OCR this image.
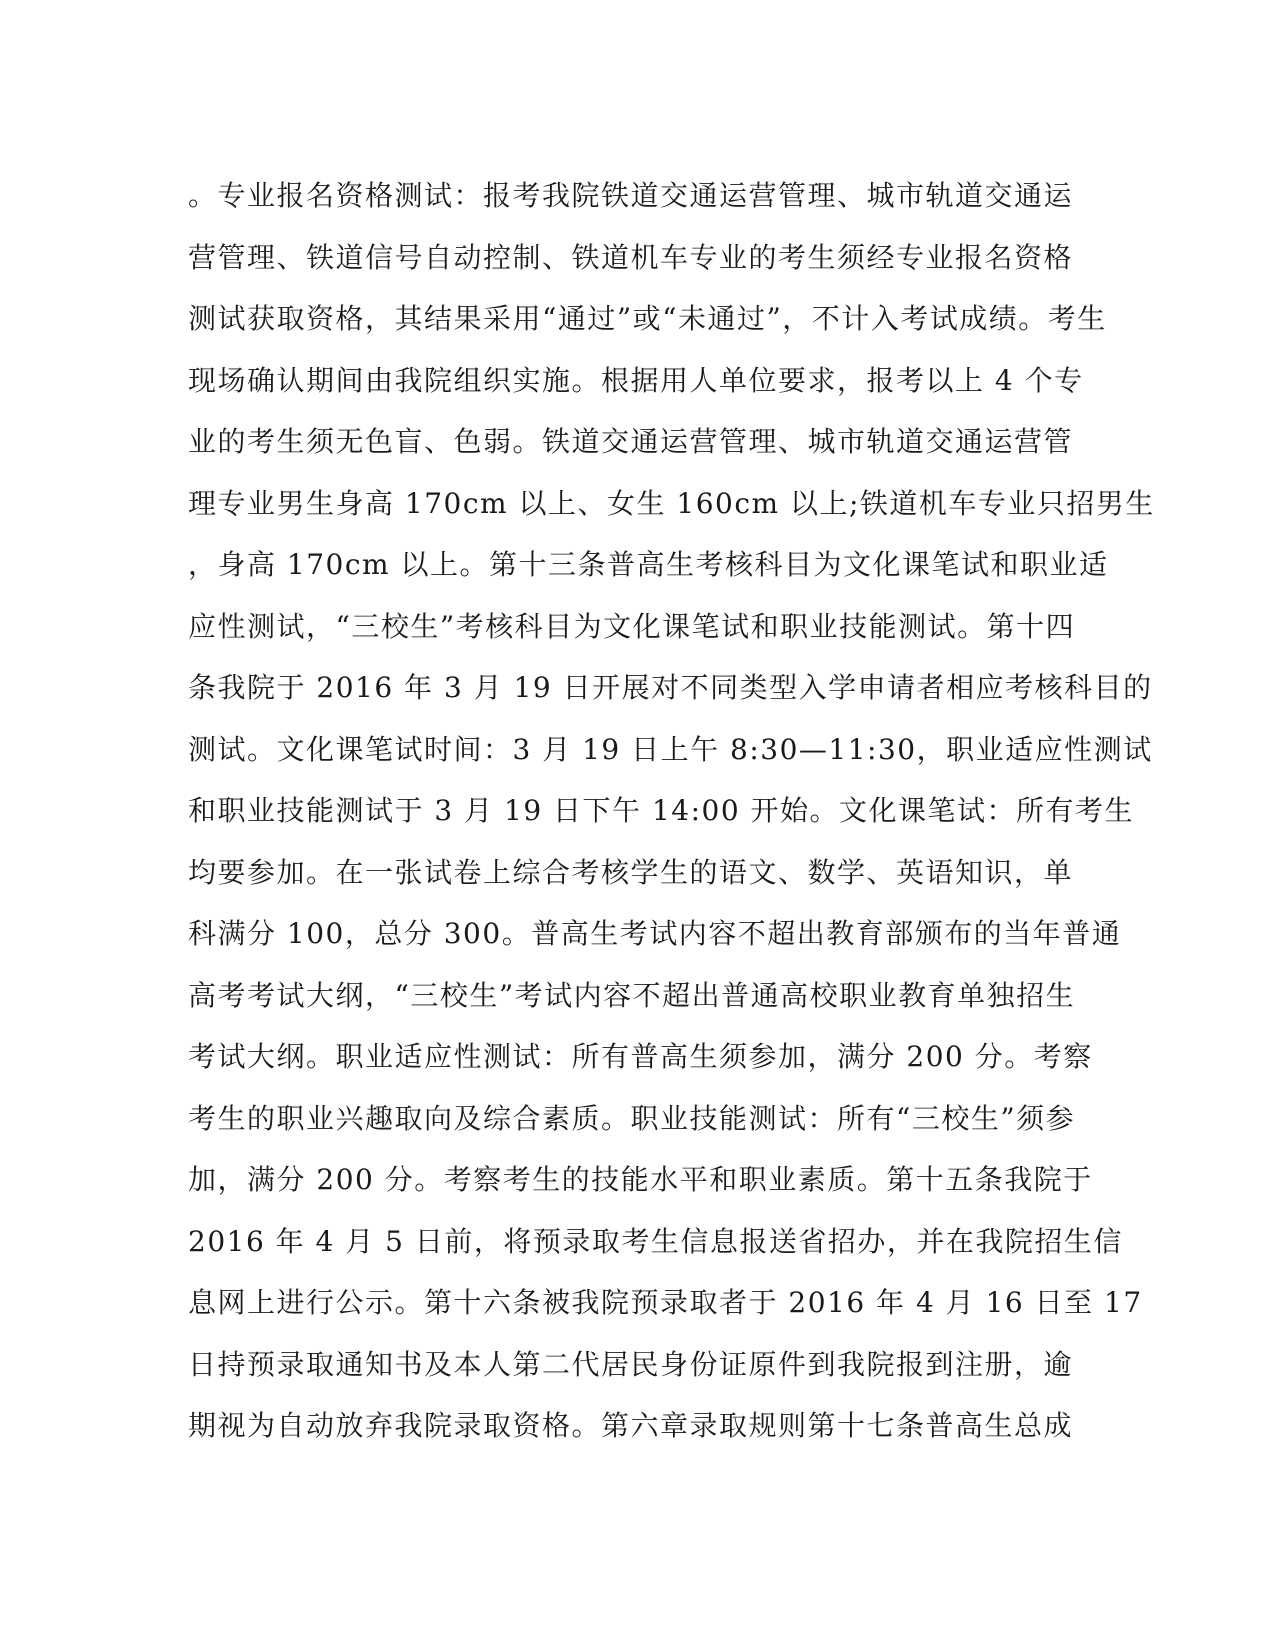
。专业报名资格测试：报考我院铁道交通运营管理、城市轨道交通运
营管理、铁道信号自动控制、铁道机车专业的考生须经专业报名资格
测试获取资格，其结果采用“通过”或“未通过”，不计入考试成绩。考生
现场确认期间由我院组织实施。根据用人单位要求，报考以上 4 个专
业的考生须无色盲、色弱。铁道交通运营管理、城市轨道交通运营管
理专业男生身高 170cm 以上、女生 160cm 以上;铁道机车专业只招男生
，身高 170cm 以上。第十三条普高生考核科目为文化课笔试和职业适
应性测试，“三校生”考核科目为文化课笔试和职业技能测试。第十四
条我院于 2016 年 3 月 19 日开展对不同类型入学申请者相应考核科目的
测试。文化课笔试时间：3 月 19 日上午 8:30—11:30，职业适应性测试
和职业技能测试于 3 月 19 日下午 14:00 开始。文化课笔试：所有考生
均要参加。在一张试卷上综合考核学生的语文、数学、英语知识，单
科满分 100，总分 300。普高生考试内容不超出教育部颁布的当年普通
高考考试大纲，“三校生”考试内容不超出普通高校职业教育单独招生
考试大纲。职业适应性测试：所有普高生须参加，满分 200 分。考察
考生的职业兴趣取向及综合素质。职业技能测试：所有“三校生”须参
加，满分 200 分。考察考生的技能水平和职业素质。第十五条我院于
2016 年 4 月 5 日前，将预录取考生信息报送省招办，并在我院招生信
息网上进行公示。第十六条被我院预录取者于 2016 年 4 月 16 日至 17
日持预录取通知书及本人第二代居民身份证原件到我院报到注册，逾
期视为自动放弃我院录取资格。第六章录取规则第十七条普高生总成
